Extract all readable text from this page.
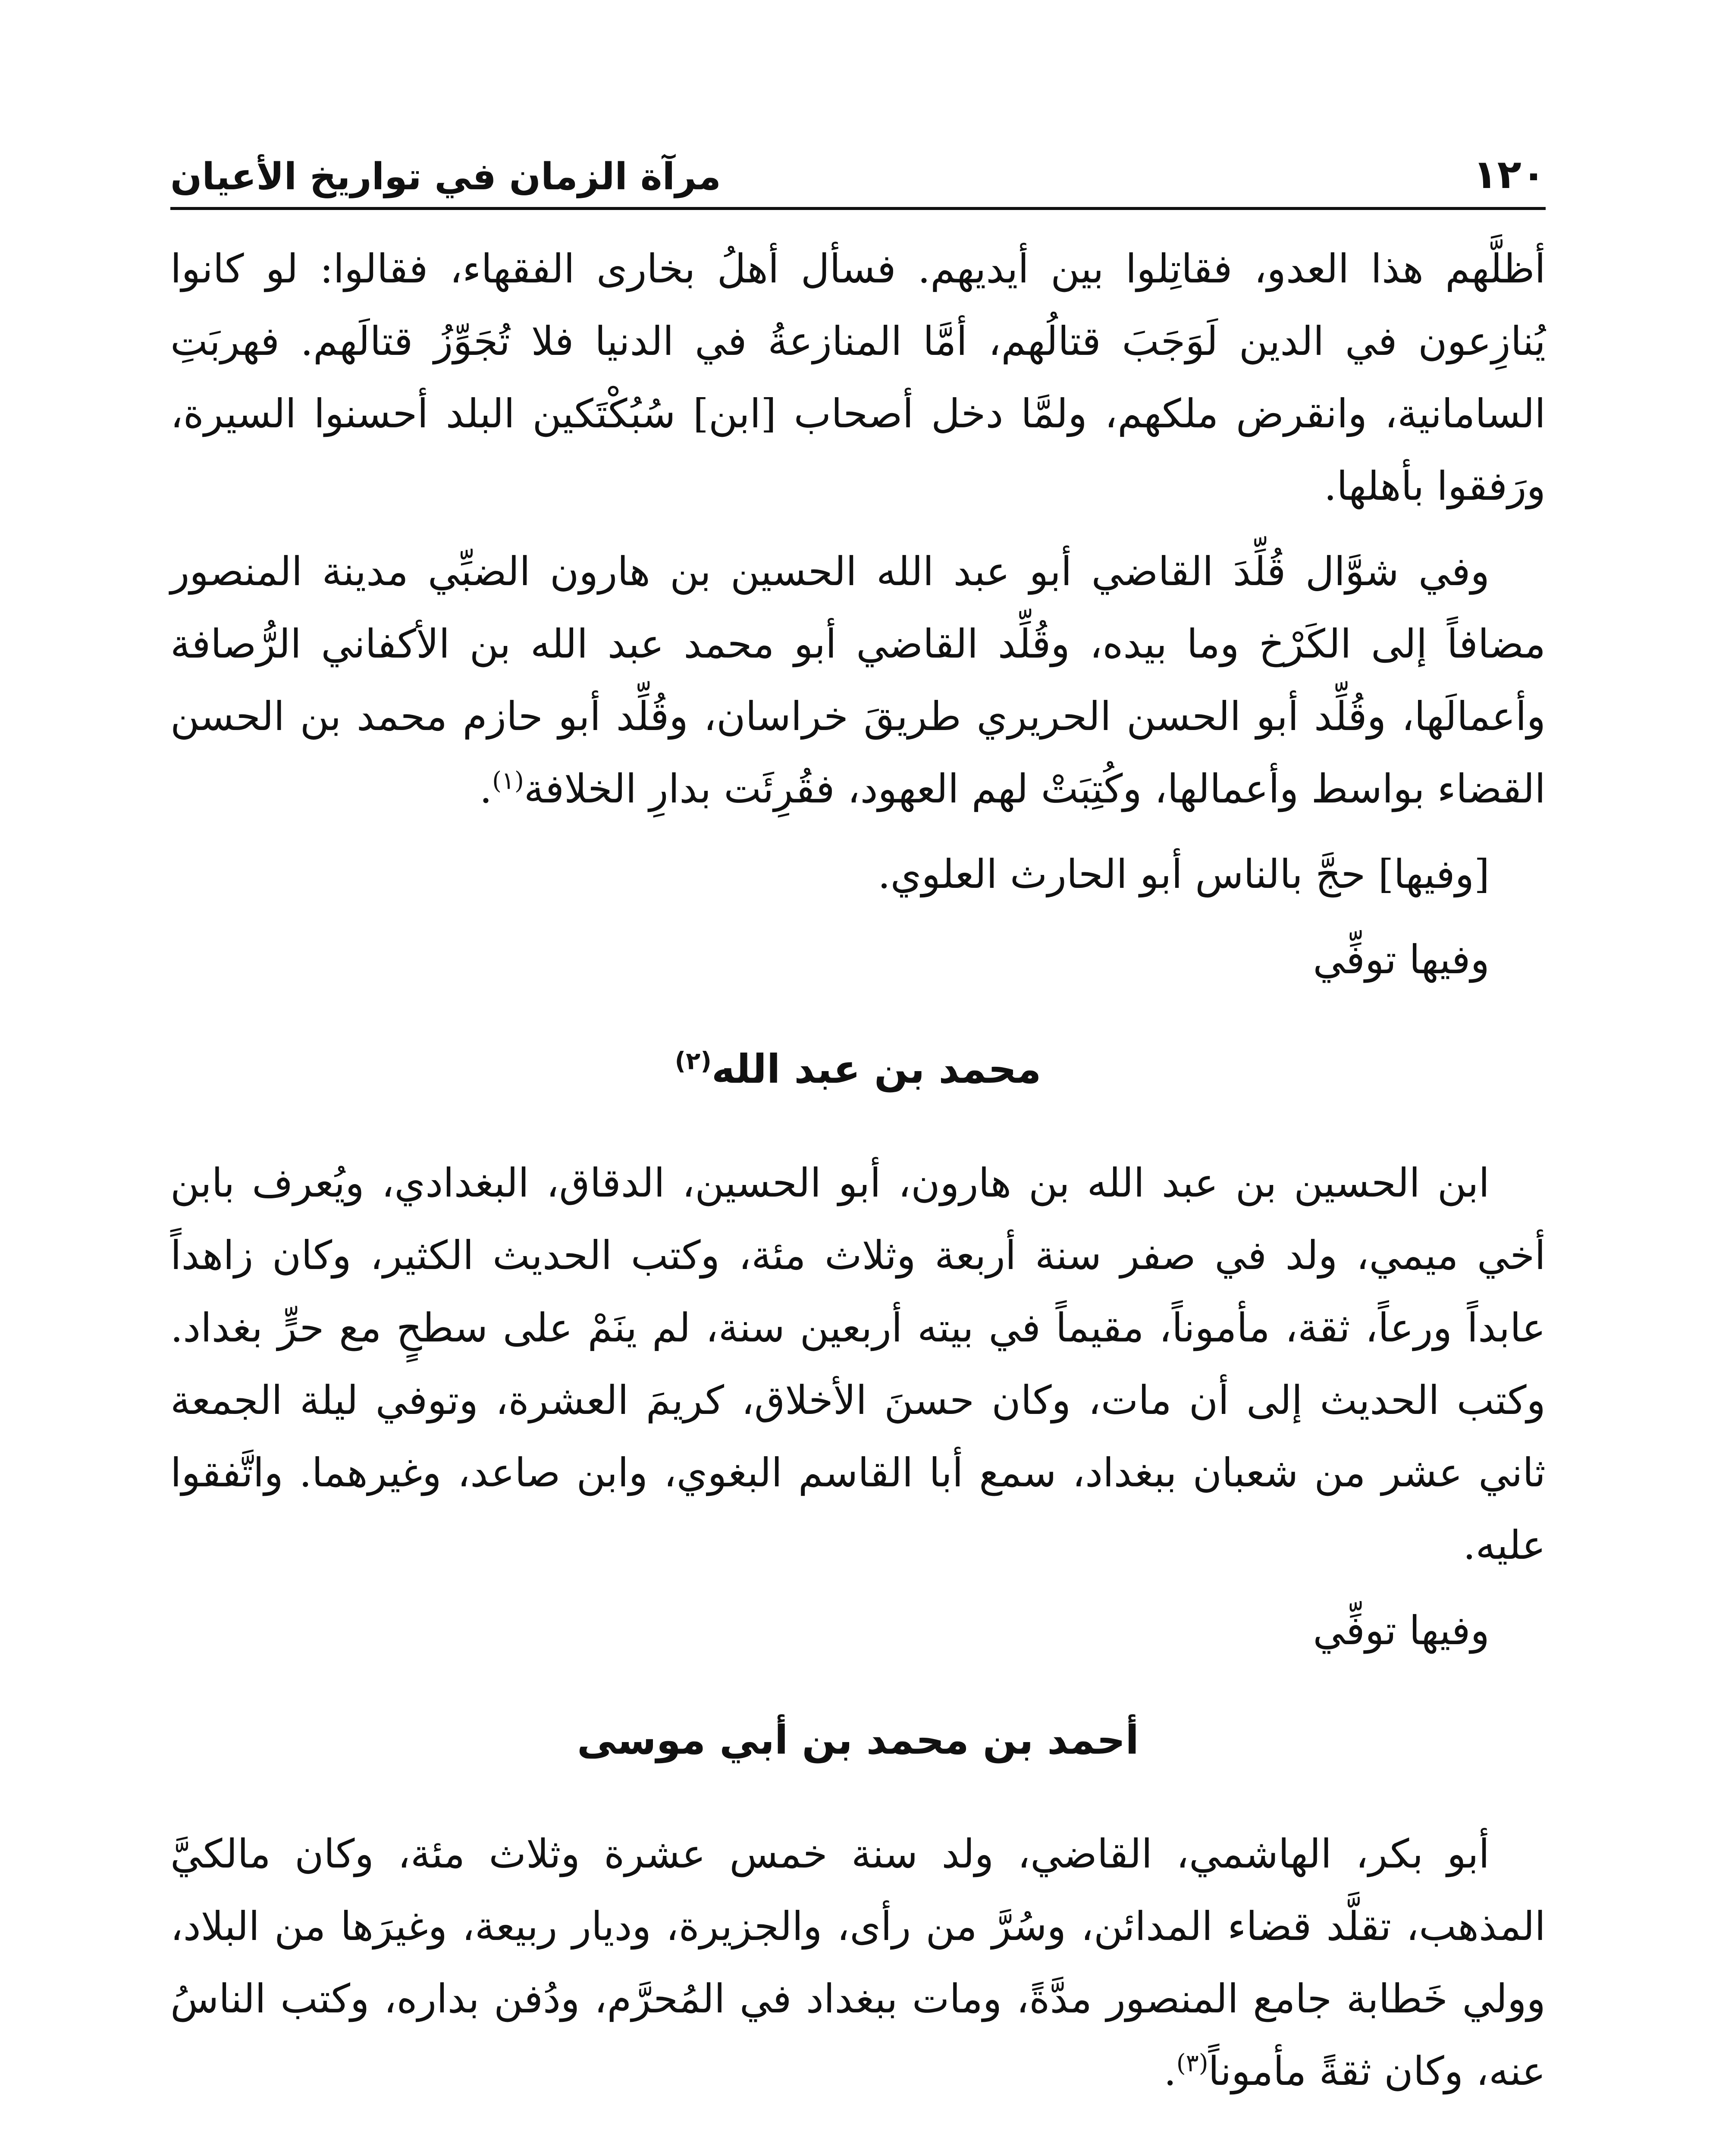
١٢٠
مرآة الزمان في تواريخ الأعيان

أظلَّهم هذا العدو، فقاتِلوا بين أيديهم. فسأل أهلُ بخارى الفقهاء، فقالوا: لو كانوا يُنازِعون في الدين لَوَجَبَ قتالُهم، أمَّا المنازعةُ في الدنيا فلا تُجَوِّزُ قتالَهم. فهربَتِ السامانية، وانقرض ملكهم، ولمَّا دخل أصحاب [ابن] سُبُكْتَكين البلد أحسنوا السيرة، ورَفقوا بأهلها.

وفي شوَّال قُلِّدَ القاضي أبو عبد الله الحسين بن هارون الضبِّي مدينة المنصور مضافاً إلى الكَرْخ وما بيده، وقُلِّد القاضي أبو محمد عبد الله بن الأكفاني الرُّصافة وأعمالَها، وقُلِّد أبو الحسن الحريري طريقَ خراسان، وقُلِّد أبو حازم محمد بن الحسن القضاء بواسط وأعمالها، وكُتِبَتْ لهم العهود، فقُرِئَت بدارِ الخلافة$^{(١)}$.

[وفيها] حجَّ بالناس أبو الحارث العلوي.

وفيها توفِّي

محمد بن عبد الله$^{(٢)}$

ابن الحسين بن عبد الله بن هارون، أبو الحسين، الدقاق، البغدادي، ويُعرف بابن أخي ميمي، ولد في صفر سنة أربعة وثلاث مئة، وكتب الحديث الكثير، وكان زاهداً عابداً ورعاً، ثقة، مأموناً، مقيماً في بيته أربعين سنة، لم ينَمْ على سطحٍ مع حرٍّ بغداد. وكتب الحديث إلى أن مات، وكان حسنَ الأخلاق، كريمَ العشرة، وتوفي ليلة الجمعة ثاني عشر من شعبان ببغداد، سمع أبا القاسم البغوي، وابن صاعد، وغيرهما. واتَّفقوا عليه.

وفيها توفِّي

أحمد بن محمد بن أبي موسى

أبو بكر، الهاشمي، القاضي، ولد سنة خمس عشرة وثلاث مئة، وكان مالكيَّ المذهب، تقلَّد قضاء المدائن، وسُرَّ من رأى، والجزيرة، وديار ربيعة، وغيرَها من البلاد، وولي خَطابة جامع المنصور مدَّةً، ومات ببغداد في المُحرَّم، ودُفن بداره، وكتب الناسُ عنه، وكان ثقةً مأموناً$^{(٣)}$.
